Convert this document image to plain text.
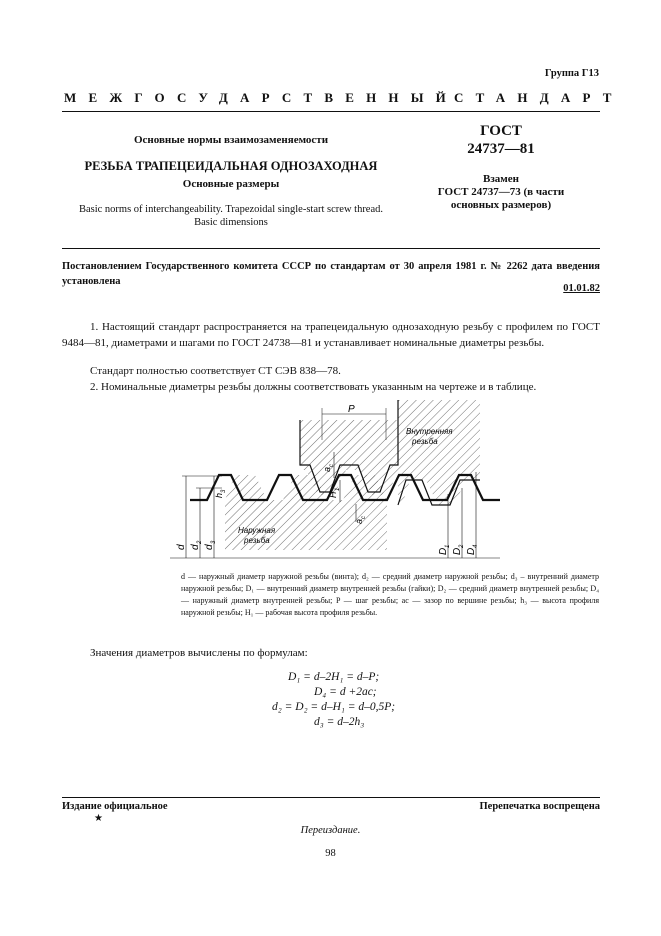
Группа Г13
МЕЖГОСУДАРСТВЕННЫЙ
СТАНДАРТ
Основные нормы взаимозаменяемости
РЕЗЬБА ТРАПЕЦЕИДАЛЬНАЯ ОДНОЗАХОДНАЯ
Основные размеры
Basic norms of interchangeability. Trapezoidal single-start screw thread.
Basic dimensions
ГОСТ
24737—81
Взамен
ГОСТ 24737—73 (в части
основных размеров)
Постановлением Государственного комитета СССР по стандартам от 30 апреля 1981 г. № 2262 дата введения установлена
01.01.82
1. Настоящий стандарт распространяется на трапецеидальную однозаходную резьбу с профилем по ГОСТ 9484—81, диаметрами и шагами по ГОСТ 24738—81 и устанавливает номинальные диаметры резьбы.
Стандарт полностью соответствует СТ СЭВ 838—78.
2. Номинальные диаметры резьбы должны соответствовать указанным на чертеже и в таблице.
P
Внутренняя
резьба
Наружная
резьба
a
c
H
1
a
c
h
3
d d
2
d
3
D
1
D
2
D
4
d — наружный диаметр наружной резьбы (винта); d₂ — средний диаметр наружной резьбы; d₃ – внутренний диаметр наружной резьбы; D₁ — внутренний диаметр внутренней резьбы (гайки); D₂ — средний диаметр внутренней резьбы; D₄ — наружный диаметр внутренней резьбы; P — шаг резьбы; aс — зазор по вершине резьбы; h₃ — высота профиля наружной резьбы; H₁ — рабочая высота профиля резьбы.
Значения диаметров вычислены по формулам:
D₁ = d–2H₁ = d–P;
D₄ = d +2aс;
d₂ = D₂ = d–H₁ = d–0,5P;
d₃ = d–2h₃
Издание официальное
★
Перепечатка воспрещена
Переиздание.
98
